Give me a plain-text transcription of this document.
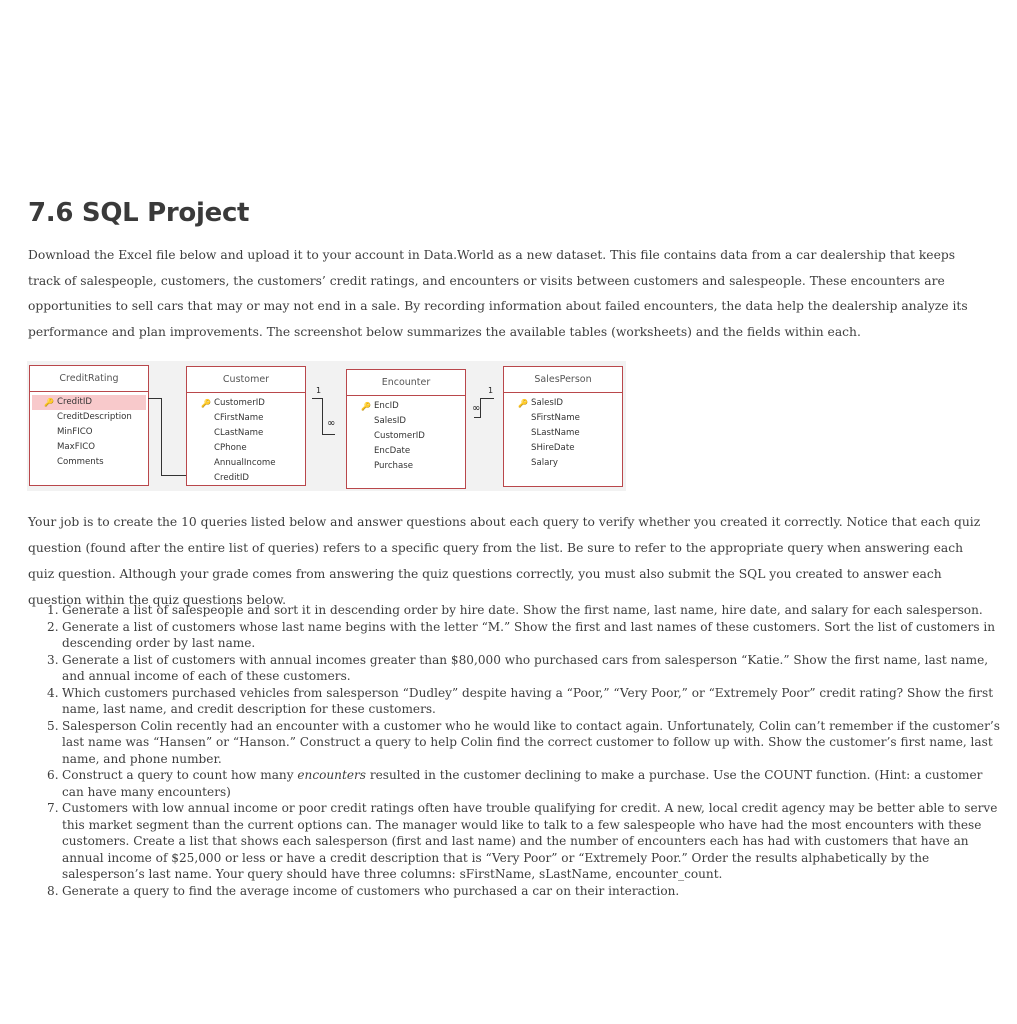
7.6 SQL Project

Download the Excel file below and upload it to your account in Data.World as a new dataset. This file contains data from a car dealership that keeps track of salespeople, customers, the customers’ credit ratings, and encounters or visits between customers and salespeople. These encounters are opportunities to sell cars that may or may not end in a sale. By recording information about failed encounters, the data help the dealership analyze its performance and plan improvements. The screenshot below summarizes the available tables (worksheets) and the fields within each.

CreditRating
🔑 CreditID
CreditDescription
MinFICO
MaxFICO
Comments
Customer
🔑 CustomerID
CFirstName
CLastName
CPhone
AnnualIncome
CreditID
Encounter
🔑 EncID
SalesID
CustomerID
EncDate
Purchase
SalesPerson
🔑 SalesID
SFirstName
SLastName
SHireDate
Salary
1
∞
∞
1

Your job is to create the 10 queries listed below and answer questions about each query to verify whether you created it correctly. Notice that each quiz question (found after the entire list of queries) refers to a specific query from the list. Be sure to refer to the appropriate query when answering each quiz question. Although your grade comes from answering the quiz questions correctly, you must also submit the SQL you created to answer each question within the quiz questions below.

1. Generate a list of salespeople and sort it in descending order by hire date. Show the first name, last name, hire date, and salary for each salesperson.
2. Generate a list of customers whose last name begins with the letter “M.” Show the first and last names of these customers. Sort the list of customers in descending order by last name.
3. Generate a list of customers with annual incomes greater than $80,000 who purchased cars from salesperson “Katie.” Show the first name, last name, and annual income of each of these customers.
4. Which customers purchased vehicles from salesperson “Dudley” despite having a “Poor,” “Very Poor,” or “Extremely Poor” credit rating? Show the first name, last name, and credit description for these customers.
5. Salesperson Colin recently had an encounter with a customer who he would like to contact again. Unfortunately, Colin can’t remember if the customer’s last name was “Hansen” or “Hanson.” Construct a query to help Colin find the correct customer to follow up with. Show the customer’s first name, last name, and phone number.
6. Construct a query to count how many encounters resulted in the customer declining to make a purchase. Use the COUNT function. (Hint: a customer can have many encounters)
7. Customers with low annual income or poor credit ratings often have trouble qualifying for credit. A new, local credit agency may be better able to serve this market segment than the current options can. The manager would like to talk to a few salespeople who have had the most encounters with these customers. Create a list that shows each salesperson (first and last name) and the number of encounters each has had with customers that have an annual income of $25,000 or less or have a credit description that is “Very Poor” or “Extremely Poor.” Order the results alphabetically by the salesperson’s last name. Your query should have three columns: sFirstName, sLastName, encounter_count.
8. Generate a query to find the average income of customers who purchased a car on their interaction.
